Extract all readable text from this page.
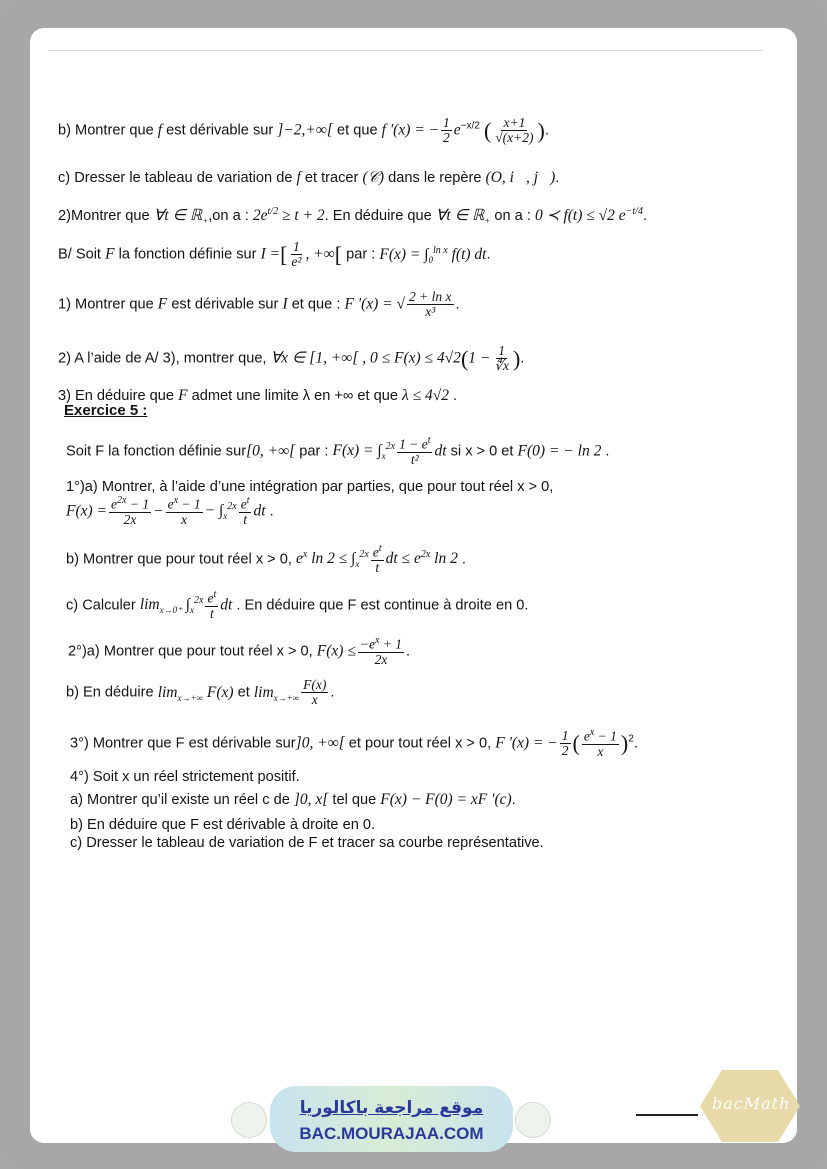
b) Montrer que f est dérivable sur ]−2,+∞[ et que f '(x) = − $\frac{1}{2} e^{-x/2}$ ( $\frac{x+1}{√(x+2)}$ ).
c) Dresser le tableau de variation de f et tracer (𝒞) dans le repère (O, i⃗, j⃗).
2)Montrer que ∀t ∈ ℝ$_+$,on a : $2e^{t/2} \ge t + 2$. En déduire que ∀t ∈ ℝ$_+$ on a : 0 ≺ f(t) ≤ √2 $e^{-t/4}$.
B/ Soit F la fonction définie sur I =[ $\frac{1}{\text{e²}}$ , +∞[ par : $F(x) = \int_0^{ln x}$ f(t) dt.
1) Montrer que F est dérivable sur I et que : F '(x) = √ $\frac{\text{2 + ln x}}{\text{x³}}$ .
2) A l’aide de A/ 3), montrer que, ∀x ∈ [1, +∞[ , $0 \le F(x) \le 4√2(1 - \frac{1}{∜x}$ ).
3) En déduire que F admet une limite λ en +∞ et que λ ≤ 4√2 .
Exercice 5 :
Soit F la fonction définie sur[0, +∞[ par : $F(x) = \int_x^{2x} \frac{1 - e^t}{\text{t²}}$ dt si x > 0 et F(0) = − ln 2 .
1°)a) Montrer, à l’aide d’une intégration par parties, que pour tout réel x > 0,
$F(x) = \frac{e^{2x} - 1}{2x} - \frac{e^x - 1}{x} - \int_x^{2x} \frac{e^t}{t}$ dt .
b) Montrer que pour tout réel x > 0, $e^x$ $\ln 2 \le \int_x^{2x} \frac{e^t}{t}$ dt ≤ $e^{2x}$ ln 2 .
c) Calculer $\lim_{x\to 0^+} \int_x^{2x} \frac{e^t}{t}$ dt . En déduire que F est continue à droite en 0.
2°)a) Montrer que pour tout réel x > 0, $F(x) \le \frac{-e^x + 1}{2x}$ .
b) En déduire $\lim_{x\to+\infty} F(x)$ et $\lim_{x\to+\infty} \frac{F(x)}{x}$ .
3°) Montrer que F est dérivable sur]0, +∞[ et pour tout réel x > 0, F '(x) = − $\frac{1}{2}$ ( $\frac{e^x - 1}{x} )^2$.
4°) Soit x un réel strictement positif.
a) Montrer qu’il existe un réel c de ]0, x[ tel que F(x) − F(0) = xF '(c).
b) En déduire que F est dérivable à droite en 0.
c) Dresser le tableau de variation de F et tracer sa courbe représentative.
موقع مراجعة باكالوريا
BAC.MOURAJAA.COM
bacMath
